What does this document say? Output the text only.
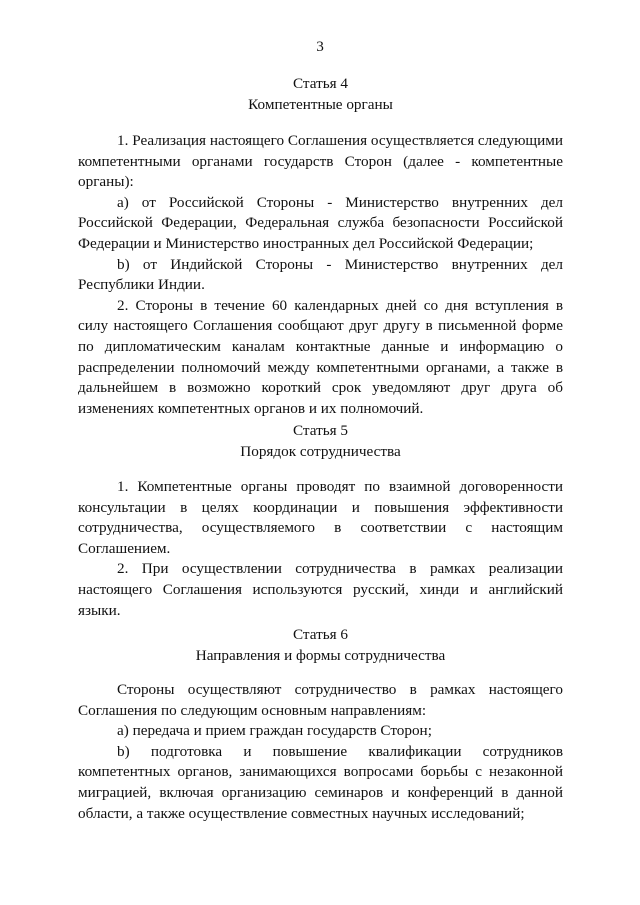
3
Статья 4
Компетентные органы

1. Реализация настоящего Соглашения осуществляется следующими компетентными органами государств Сторон (далее - компетентные органы):

а) от Российской Стороны - Министерство внутренних дел Российской Федерации, Федеральная служба безопасности Российской Федерации и Министерство иностранных дел Российской Федерации;

b) от Индийской Стороны - Министерство внутренних дел Республики Индии.

2. Стороны в течение 60 календарных дней со дня вступления в силу настоящего Соглашения сообщают друг другу в письменной форме по дипломатическим каналам контактные данные и информацию о распределении полномочий между компетентными органами, а также в дальнейшем в возможно короткий срок уведомляют друг друга об изменениях компетентных органов и их полномочий.

Статья 5
Порядок сотрудничества

1. Компетентные органы проводят по взаимной договоренности консультации в целях координации и повышения эффективности сотрудничества, осуществляемого в соответствии с настоящим Соглашением.

2. При осуществлении сотрудничества в рамках реализации настоящего Соглашения используются русский, хинди и английский языки.

Статья 6
Направления и формы сотрудничества

Стороны осуществляют сотрудничество в рамках настоящего Соглашения по следующим основным направлениям:

а) передача и прием граждан государств Сторон;

b) подготовка и повышение квалификации сотрудников компетентных органов, занимающихся вопросами борьбы с незаконной миграцией, включая организацию семинаров и конференций в данной области, а также осуществление совместных научных исследований;
